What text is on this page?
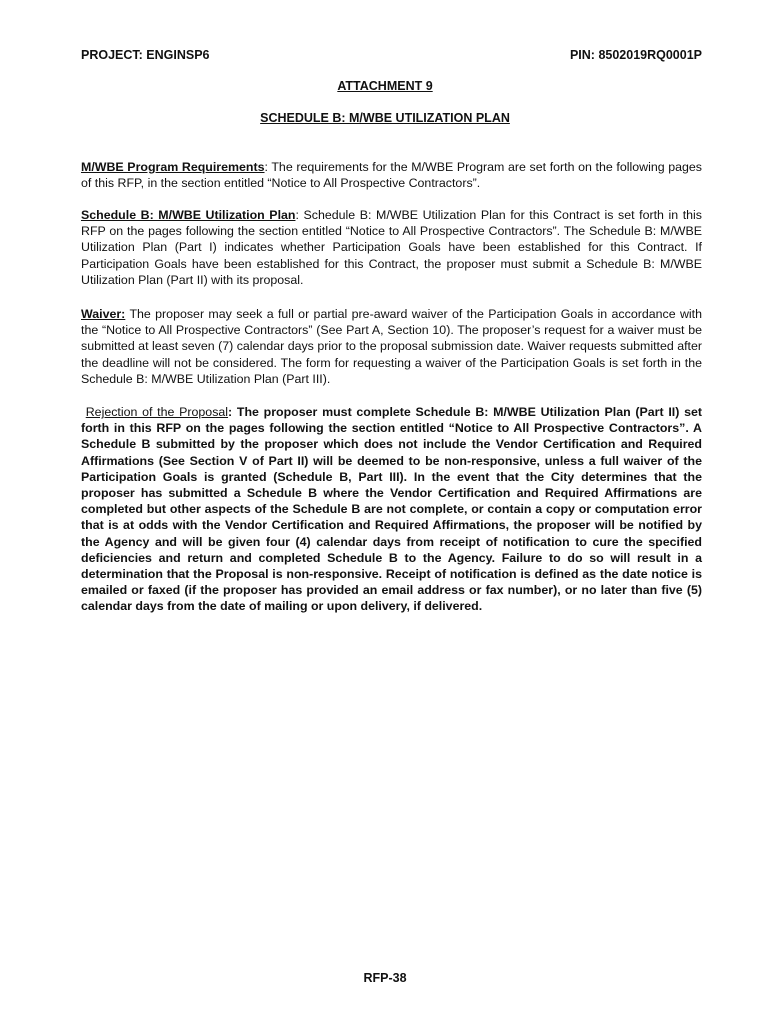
PROJECT: ENGINSP6	PIN: 8502019RQ0001P
ATTACHMENT 9
SCHEDULE B: M/WBE UTILIZATION PLAN

M/WBE Program Requirements: The requirements for the M/WBE Program are set forth on the following pages of this RFP, in the section entitled “Notice to All Prospective Contractors”.

Schedule B: M/WBE Utilization Plan: Schedule B: M/WBE Utilization Plan for this Contract is set forth in this RFP on the pages following the section entitled “Notice to All Prospective Contractors”. The Schedule B: M/WBE Utilization Plan (Part I) indicates whether Participation Goals have been established for this Contract. If Participation Goals have been established for this Contract, the proposer must submit a Schedule B: M/WBE Utilization Plan (Part II) with its proposal.

Waiver: The proposer may seek a full or partial pre-award waiver of the Participation Goals in accordance with the “Notice to All Prospective Contractors” (See Part A, Section 10). The proposer’s request for a waiver must be submitted at least seven (7) calendar days prior to the proposal submission date. Waiver requests submitted after the deadline will not be considered. The form for requesting a waiver of the Participation Goals is set forth in the Schedule B: M/WBE Utilization Plan (Part III).

Rejection of the Proposal: The proposer must complete Schedule B: M/WBE Utilization Plan (Part II) set forth in this RFP on the pages following the section entitled “Notice to All Prospective Contractors”. A Schedule B submitted by the proposer which does not include the Vendor Certification and Required Affirmations (See Section V of Part II) will be deemed to be non-responsive, unless a full waiver of the Participation Goals is granted (Schedule B, Part III). In the event that the City determines that the proposer has submitted a Schedule B where the Vendor Certification and Required Affirmations are completed but other aspects of the Schedule B are not complete, or contain a copy or computation error that is at odds with the Vendor Certification and Required Affirmations, the proposer will be notified by the Agency and will be given four (4) calendar days from receipt of notification to cure the specified deficiencies and return and completed Schedule B to the Agency. Failure to do so will result in a determination that the Proposal is non-responsive. Receipt of notification is defined as the date notice is emailed or faxed (if the proposer has provided an email address or fax number), or no later than five (5) calendar days from the date of mailing or upon delivery, if delivered.

RFP-38
